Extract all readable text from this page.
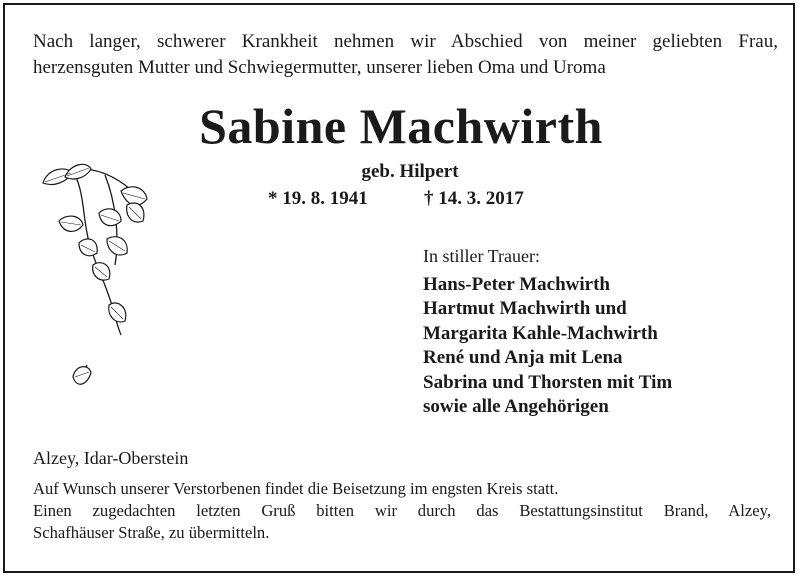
Nach langer, schwerer Krankheit nehmen wir Abschied von meiner geliebten Frau,
herzensguten Mutter und Schwiegermutter, unserer lieben Oma und Uroma
Sabine Machwirth
geb. Hilpert
* 19. 8. 1941	† 14. 3. 2017
In stiller Trauer:
Hans-Peter Machwirth
Hartmut Machwirth und
Margarita Kahle-Machwirth
René und Anja mit Lena
Sabrina und Thorsten mit Tim
sowie alle Angehörigen
Alzey, Idar-Oberstein
Auf Wunsch unserer Verstorbenen findet die Beisetzung im engsten Kreis statt.
Einen zugedachten letzten Gruß bitten wir durch das Bestattungsinstitut Brand, Alzey,
Schafhäuser Straße, zu übermitteln.
